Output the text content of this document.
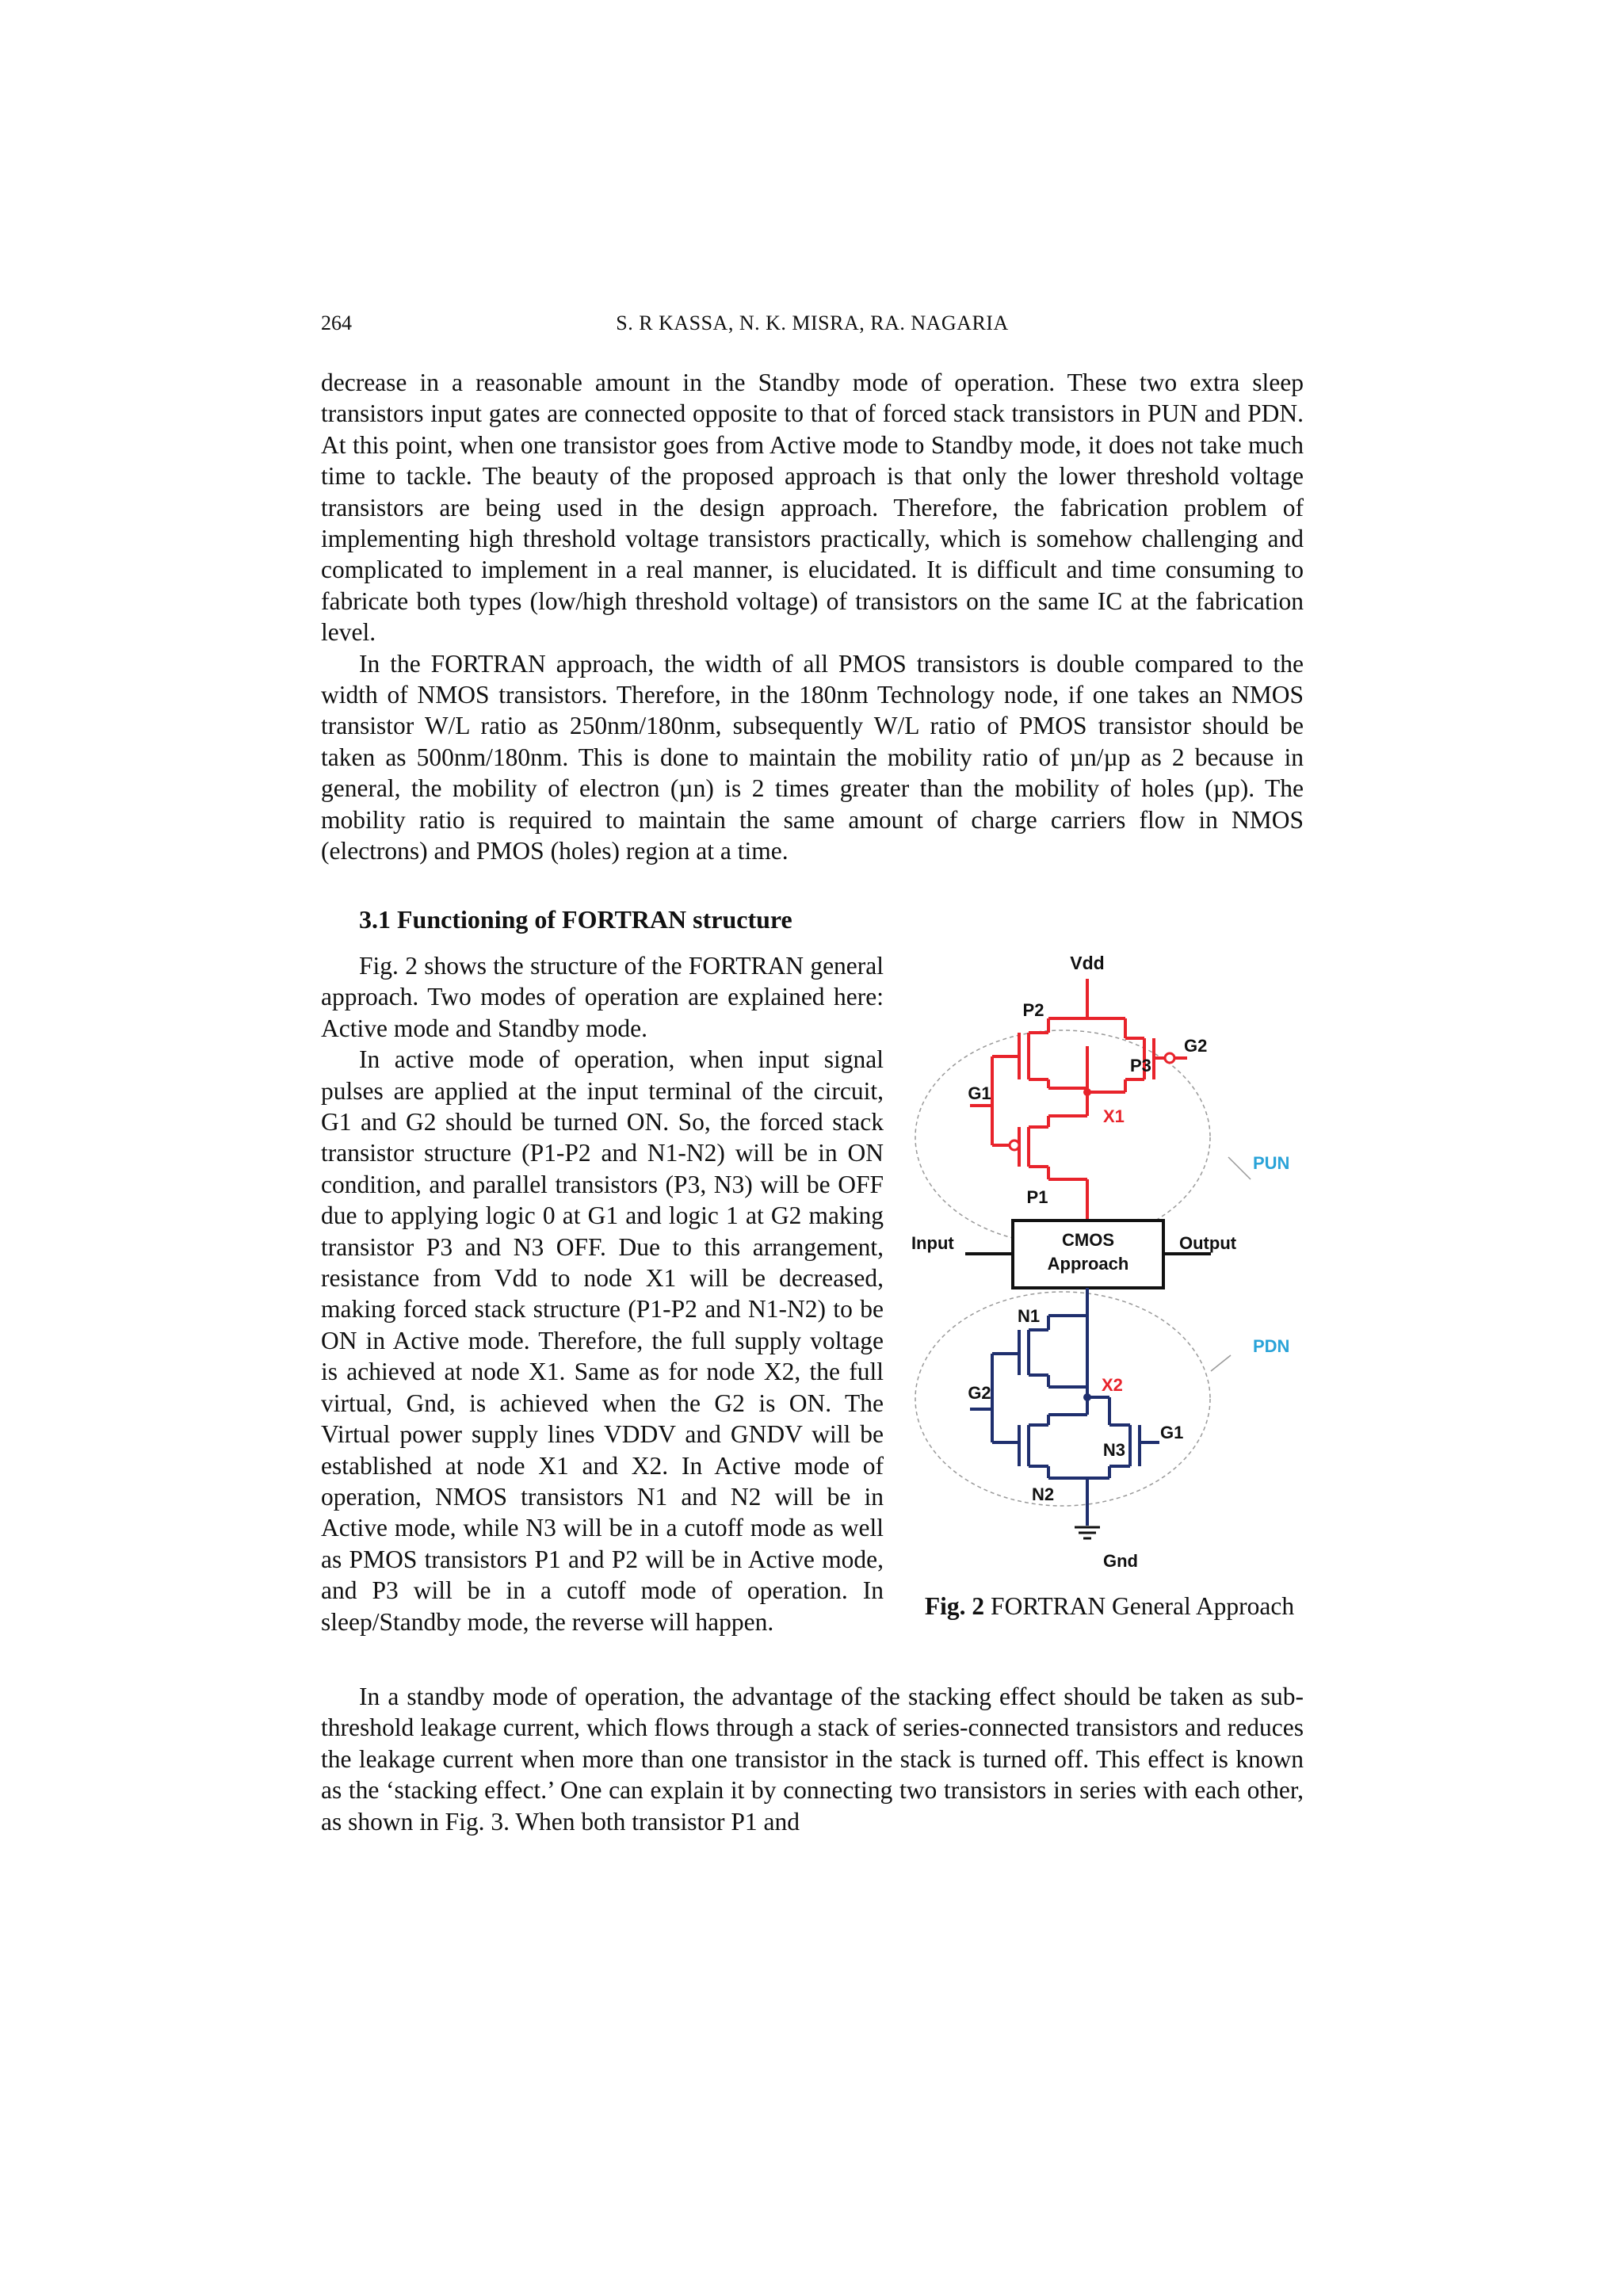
264	S. R KASSA, N. K. MISRA, RA. NAGARIA

decrease in a reasonable amount in the Standby mode of operation. These two extra sleep transistors input gates are connected opposite to that of forced stack transistors in PUN and PDN. At this point, when one transistor goes from Active mode to Standby mode, it does not take much time to tackle. The beauty of the proposed approach is that only the lower threshold voltage transistors are being used in the design approach. Therefore, the fabrication problem of implementing high threshold voltage transistors practically, which is somehow challenging and complicated to implement in a real manner, is elucidated. It is difficult and time consuming to fabricate both types (low/high threshold voltage) of transistors on the same IC at the fabrication level.

In the FORTRAN approach, the width of all PMOS transistors is double compared to the width of NMOS transistors. Therefore, in the 180nm Technology node, if one takes an NMOS transistor W/L ratio as 250nm/180nm, subsequently W/L ratio of PMOS transistor should be taken as 500nm/180nm. This is done to maintain the mobility ratio of µn/µp as 2 because in general, the mobility of electron (µn) is 2 times greater than the mobility of holes (µp). The mobility ratio is required to maintain the same amount of charge carriers flow in NMOS (electrons) and PMOS (holes) region at a time.

3.1 Functioning of FORTRAN structure

Fig. 2 shows the structure of the FORTRAN general approach. Two modes of operation are explained here: Active mode and Standby mode.

In active mode of operation, when input signal pulses are applied at the input terminal of the circuit, G1 and G2 should be turned ON. So, the forced stack transistor structure (P1-P2 and N1-N2) will be in ON condition, and parallel transistors (P3, N3) will be OFF due to applying logic 0 at G1 and logic 1 at G2 making transistor P3 and N3 OFF. Due to this arrangement, resistance from Vdd to node X1 will be decreased, making forced stack structure (P1-P2 and N1-N2) to be ON in Active mode. Therefore, the full supply voltage is achieved at node X1. Same as for node X2, the full virtual, Gnd, is achieved when the G2 is ON. The Virtual power supply lines VDDV and GNDV will be established at node X1 and X2. In Active mode of operation, NMOS transistors N1 and N2 will be in Active mode, while N3 will be in a cutoff mode as well as PMOS transistors P1 and P2 will be in Active mode, and P3 will be in a cutoff mode of operation. In sleep/Standby mode, the reverse will happen.

Vdd
P2
G2
P3
G1
X1
PUN
P1
Input	CMOS
Approach
Output
N1
PDN
G2	X2
G1
N3
N2
Gnd
Fig. 2 FORTRAN General Approach

In a standby mode of operation, the advantage of the stacking effect should be taken as sub-threshold leakage current, which flows through a stack of series-connected transistors and reduces the leakage current when more than one transistor in the stack is turned off. This effect is known as the ‘stacking effect.’ One can explain it by connecting two transistors in series with each other, as shown in Fig. 3. When both transistor P1 and
